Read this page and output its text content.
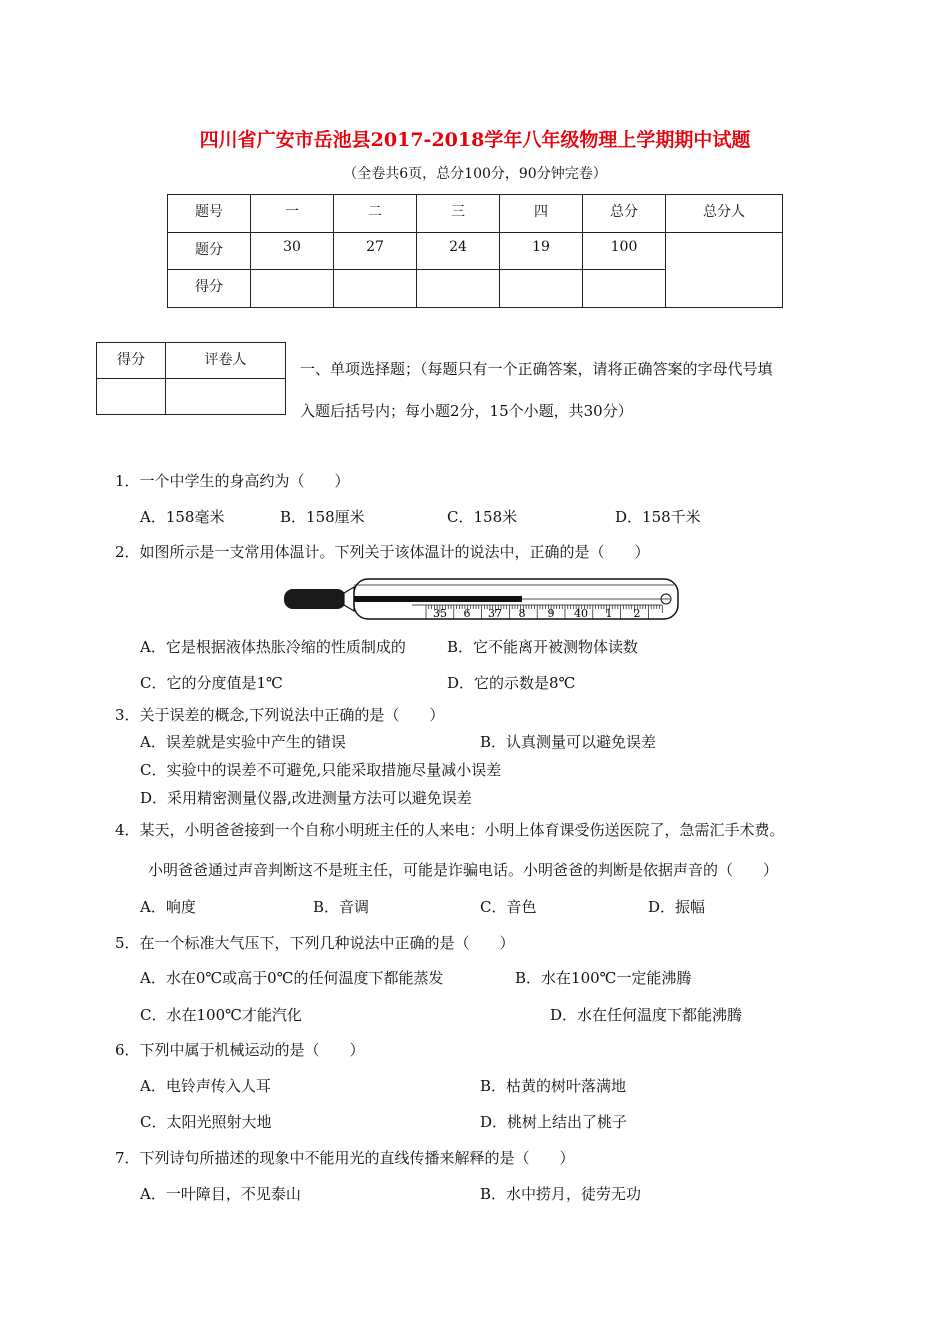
四川省广安市岳池县2017-2018学年八年级物理上学期期中试题
（全卷共6页，总分100分，90分钟完卷）
题号	一	二	三	四	总分	总分人
题分	30	27	24	19	100	
得分						
得分	评卷人
		一、单项选择题；（每题只有一个正确答案，请将正确答案的字母代号填
入题后括号内；每小题2分，15个小题，共30分）
1．一个中学生的身高约为（　　）
A．158毫米	B．158厘米	C．158米	D．158千米
2．如图所示是一支常用体温计。下列关于该体温计的说法中，正确的是（　　）
35 6 37 8 9 40 1 2
A．它是根据液体热胀冷缩的性质制成的	B．它不能离开被测物体读数
C．它的分度值是1℃	D．它的示数是8℃
3．关于误差的概念,下列说法中正确的是（　　）
A．误差就是实验中产生的错误	B．认真测量可以避免误差
C．实验中的误差不可避免,只能采取措施尽量减小误差
D．采用精密测量仪器,改进测量方法可以避免误差
4．某天，小明爸爸接到一个自称小明班主任的人来电：小明上体育课受伤送医院了，急需汇手术费。
小明爸爸通过声音判断这不是班主任，可能是诈骗电话。小明爸爸的判断是依据声音的（　　）
A．响度	B．音调	C．音色	D．振幅
5．在一个标准大气压下，下列几种说法中正确的是（　　）
A．水在0℃或高于0℃的任何温度下都能蒸发	B．水在100℃一定能沸腾
C．水在100℃才能汽化	D．水在任何温度下都能沸腾
6．下列中属于机械运动的是（　　）
A．电铃声传入人耳	B．枯黄的树叶落满地
C．太阳光照射大地	D．桃树上结出了桃子
7．下列诗句所描述的现象中不能用光的直线传播来解释的是（　　）
A．一叶障目，不见泰山	B．水中捞月，徒劳无功
